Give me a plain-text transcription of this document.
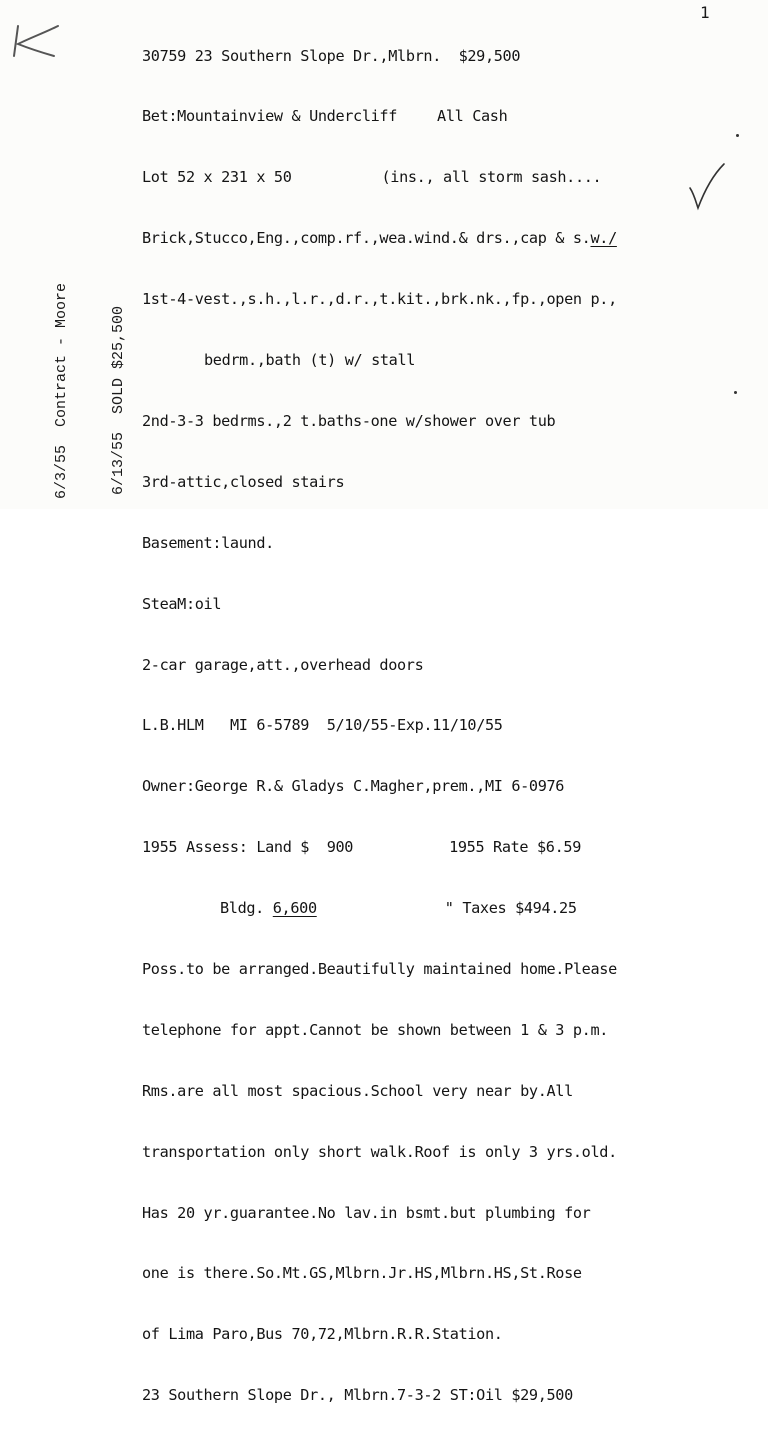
1

6/3/55  Contract - Moore

	6/13/55  SOLD $25,500

30759 23 Southern Slope Dr.,Mlbrn. $29,500

Bet:Mountainview & Undercliff	All Cash

Lot 52 x 231 x 50	(ins., all storm sash....

Brick,Stucco,Eng.,comp.rf.,wea.wind.& drs.,cap & s.w./

1st-4-vest.,s.h.,l.r.,d.r.,t.kit.,brk.nk.,fp.,open p.,

bedrm.,bath (t) w/ stall

2nd-3-3 bedrms.,2 t.baths-one w/shower over tub

3rd-attic,closed stairs

Basement:laund.

SteaM:oil

2-car garage,att.,overhead doors

L.B.HLM MI 6-5789 5/10/55-Exp.11/10/55

Owner:George R.& Gladys C.Magher,prem.,MI 6-0976

1955 Assess: Land $ 900	1955 Rate $6.59

Bldg. 6,600	" Taxes $494.25

Poss.to be arranged.Beautifully maintained home.Please

telephone for appt.Cannot be shown between 1 & 3 p.m.

Rms.are all most spacious.School very near by.All

transportation only short walk.Roof is only 3 yrs.old.

Has 20 yr.guarantee.No lav.in bsmt.but plumbing for

one is there.So.Mt.GS,Mlbrn.Jr.HS,Mlbrn.HS,St.Rose

of Lima Paro,Bus 70,72,Mlbrn.R.R.Station.

23 Southern Slope Dr., Mlbrn.7-3-2 ST:Oil $29,500
